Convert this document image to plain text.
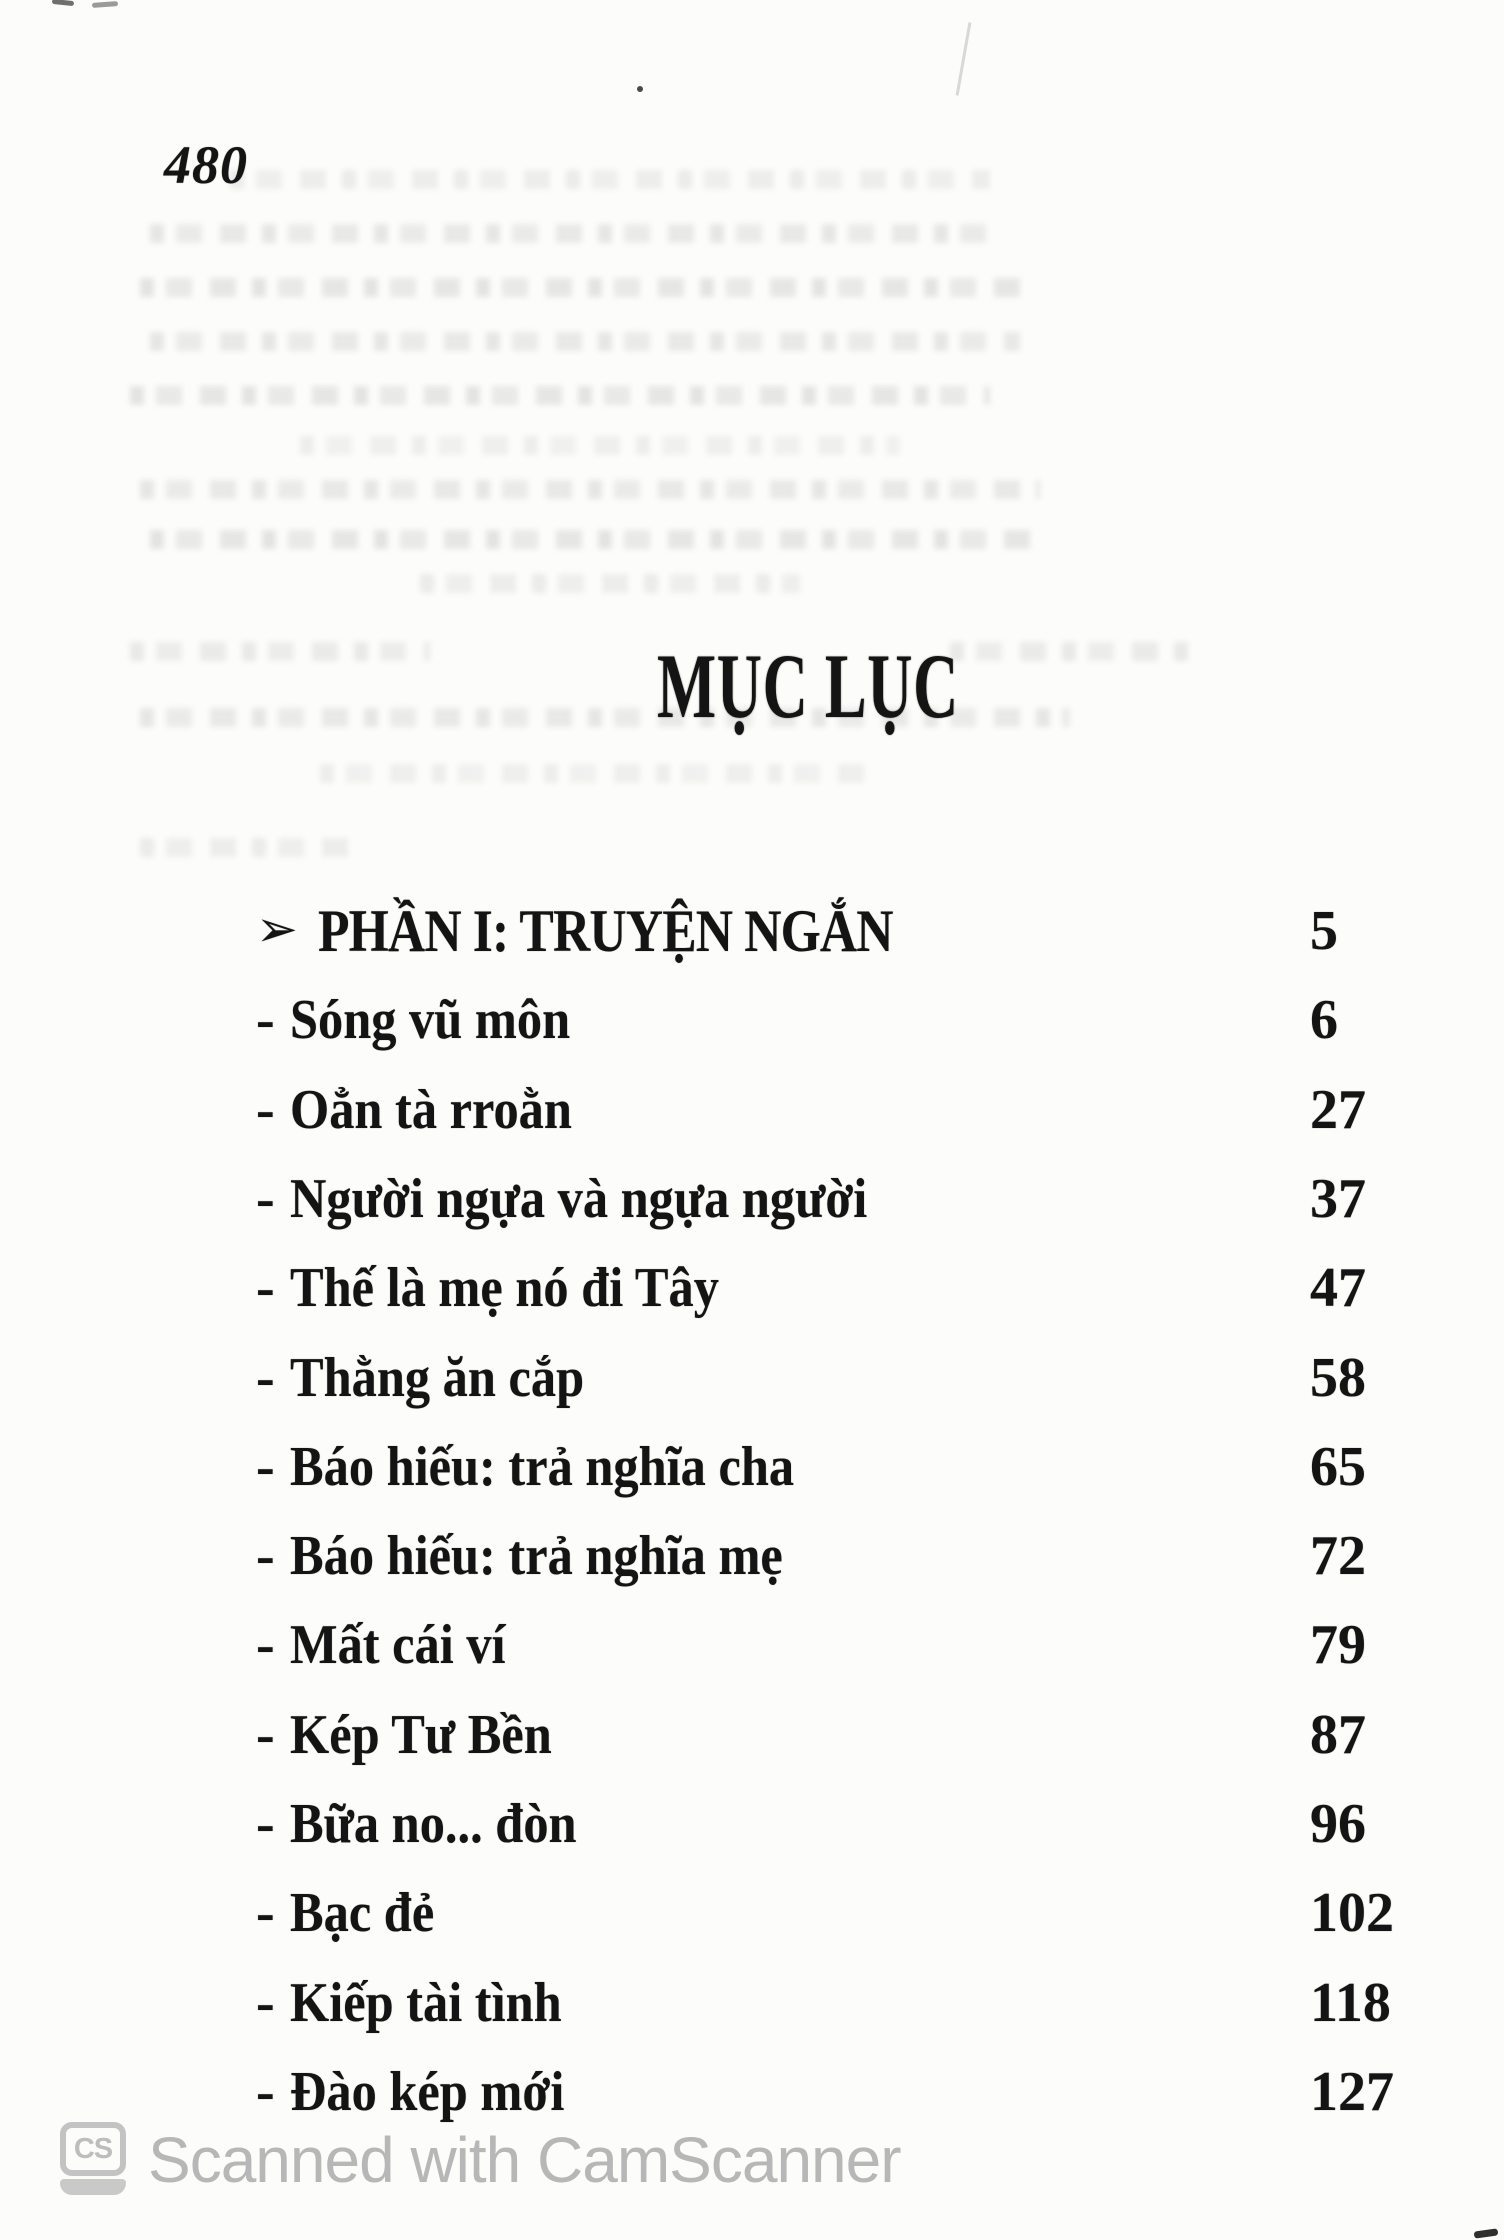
480
MỤC LỤC
➢ PHẦN I: TRUYỆN NGẮN	5
- Sóng vũ môn	6
- Oẳn tà rroằn	27
- Người ngựa và ngựa người	37
- Thế là mẹ nó đi Tây	47
- Thằng ăn cắp	58
- Báo hiếu: trả nghĩa cha	65
- Báo hiếu: trả nghĩa mẹ	72
- Mất cái ví	79
- Kép Tư Bền	87
- Bữa no... đòn	96
- Bạc đẻ	102
- Kiếp tài tình	118
- Đào kép mới	127
CS Scanned with CamScanner
